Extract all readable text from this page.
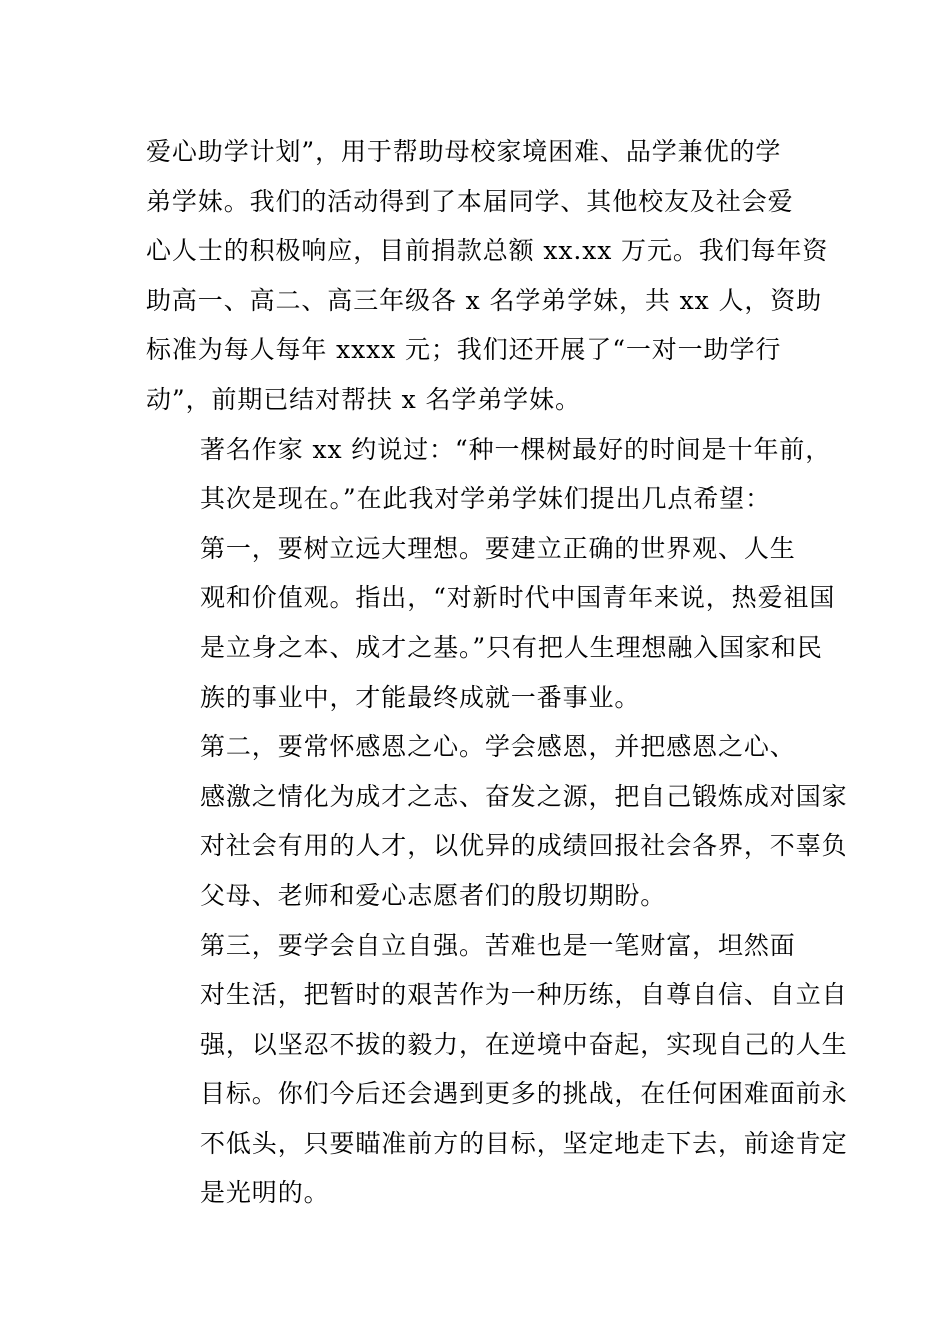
爱心助学计划”，用于帮助母校家境困难、品学兼优的学
弟学妹。我们的活动得到了本届同学、其他校友及社会爱
心人士的积极响应，目前捐款总额 xx.xx 万元。我们每年资
助高一、高二、高三年级各 x 名学弟学妹，共 xx 人，资助
标准为每人每年 xxxx 元；我们还开展了“一对一助学行
动”，前期已结对帮扶 x 名学弟学妹。

著名作家 xx 约说过：“种一棵树最好的时间是十年前，
其次是现在。”在此我对学弟学妹们提出几点希望：

第一，要树立远大理想。要建立正确的世界观、人生
观和价值观。指出，“对新时代中国青年来说，热爱祖国
是立身之本、成才之基。”只有把人生理想融入国家和民
族的事业中，才能最终成就一番事业。

第二，要常怀感恩之心。学会感恩，并把感恩之心、
感激之情化为成才之志、奋发之源，把自己锻炼成对国家
对社会有用的人才，以优异的成绩回报社会各界，不辜负
父母、老师和爱心志愿者们的殷切期盼。

第三，要学会自立自强。苦难也是一笔财富，坦然面
对生活，把暂时的艰苦作为一种历练，自尊自信、自立自
强，以坚忍不拔的毅力，在逆境中奋起，实现自己的人生
目标。你们今后还会遇到更多的挑战，在任何困难面前永
不低头，只要瞄准前方的目标，坚定地走下去，前途肯定
是光明的。
